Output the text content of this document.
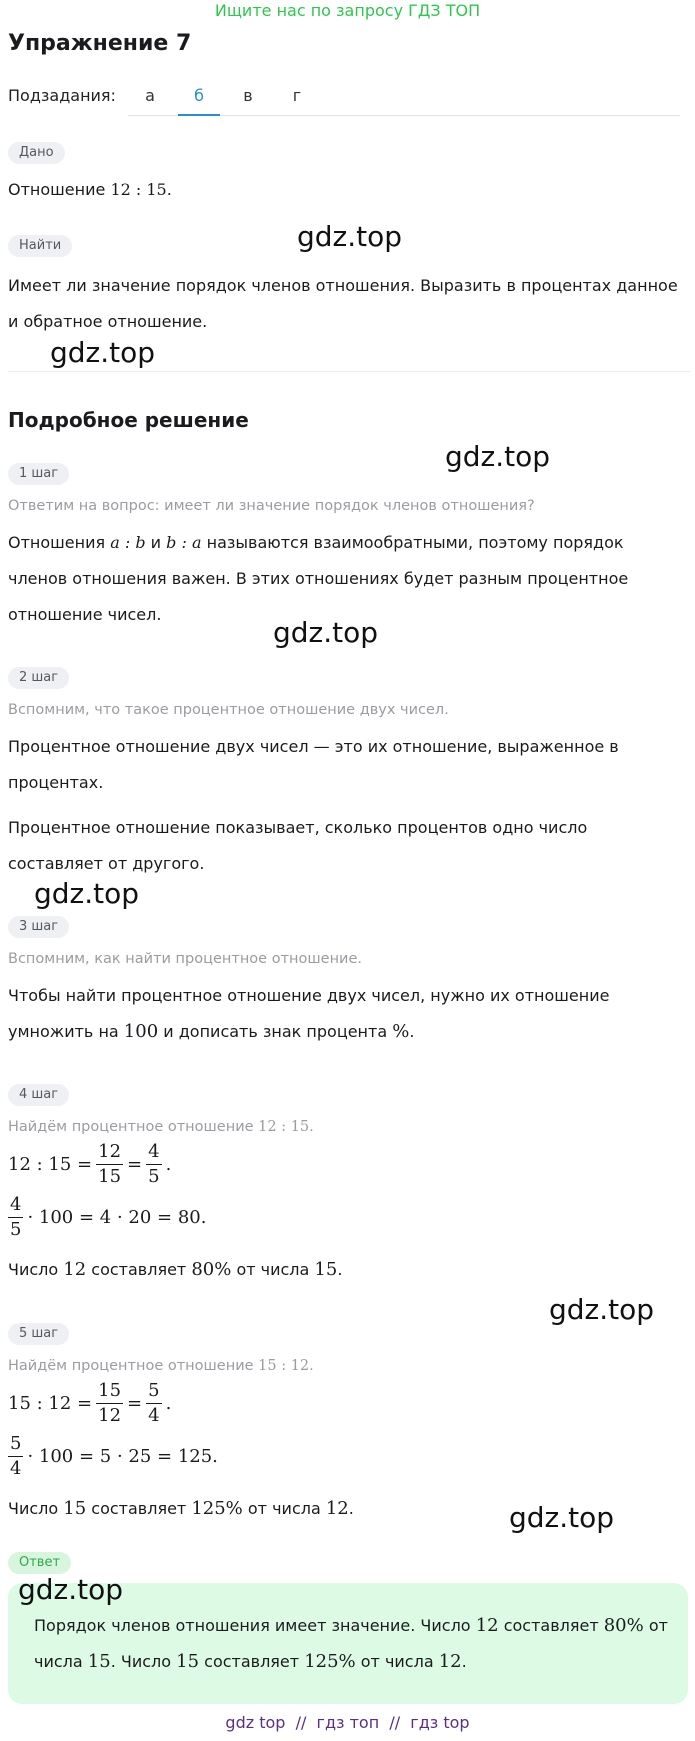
Ищите нас по запросу ГДЗ ТОП
Упражнение 7
Подзадания:	а	б	в	г
Дано
Отношение 12 : 15.
Найти
Имеет ли значение порядок членов отношения. Выразить в процентах данное
и обратное отношение.
Подробное решение
1 шаг
Ответим на вопрос: имеет ли значение порядок членов отношения?
Отношения a : b и b : a называются взаимообратными, поэтому порядок
членов отношения важен. В этих отношениях будет разным процентное
отношение чисел.
2 шаг
Вспомним, что такое процентное отношение двух чисел.
Процентное отношение двух чисел — это их отношение, выраженное в
процентах.
Процентное отношение показывает, сколько процентов одно число
составляет от другого.
3 шаг
Вспомним, как найти процентное отношение.
Чтобы найти процентное отношение двух чисел, нужно их отношение
умножить на 100 и дописать знак процента %.
4 шаг
Найдём процентное отношение 12 : 15.
12 : $15 = \frac{12}{15} = \frac{4}{5}$ .
$\frac{4}{5} \cdot 100 = 4 \cdot 20 = 80$.
Число 12 составляет 80% от числа 15.
5 шаг
Найдём процентное отношение 15 : 12.
15 : $12 = \frac{15}{12} = \frac{5}{4}$ .
$\frac{5}{4} \cdot 100 = 5 \cdot 25 = 125$.
Число 15 составляет 125% от числа 12.
Ответ
Порядок членов отношения имеет значение. Число 12 составляет 80% от
числа 15. Число 15 составляет 125% от числа 12.
gdz.top
gdz.top
gdz.top
gdz.top
gdz.top
gdz.top
gdz.top
gdz.top
gdz top  //  гдз топ  //  гдз top
